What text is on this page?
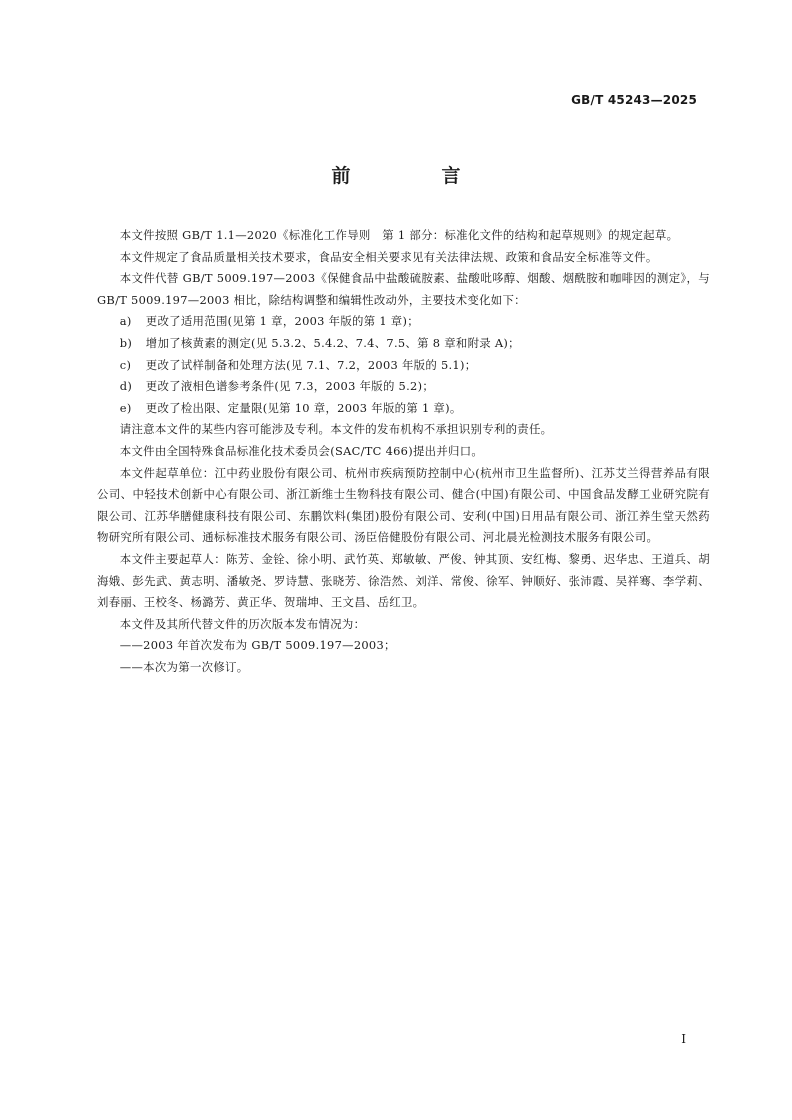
GB/T 45243—2025
前　言

本文件按照 GB/T 1.1—2020《标准化工作导则　第 1 部分：标准化文件的结构和起草规则》的规定起草。

本文件规定了食品质量相关技术要求，食品安全相关要求见有关法律法规、政策和食品安全标准等文件。

本文件代替 GB/T 5009.197—2003《保健食品中盐酸硫胺素、盐酸吡哆醇、烟酸、烟酰胺和咖啡因的测定》，与 GB/T 5009.197—2003 相比，除结构调整和编辑性改动外，主要技术变化如下：

a) 更改了适用范围(见第 1 章，2003 年版的第 1 章)；

b) 增加了核黄素的测定(见 5.3.2、5.4.2、7.4、7.5、第 8 章和附录 A)；

c) 更改了试样制备和处理方法(见 7.1、7.2，2003 年版的 5.1)；

d) 更改了液相色谱参考条件(见 7.3，2003 年版的 5.2)；

e) 更改了检出限、定量限(见第 10 章，2003 年版的第 1 章)。

请注意本文件的某些内容可能涉及专利。本文件的发布机构不承担识别专利的责任。

本文件由全国特殊食品标准化技术委员会(SAC/TC 466)提出并归口。

本文件起草单位：江中药业股份有限公司、杭州市疾病预防控制中心(杭州市卫生监督所)、江苏艾兰得营养品有限公司、中轻技术创新中心有限公司、浙江新维士生物科技有限公司、健合(中国)有限公司、中国食品发酵工业研究院有限公司、江苏华膳健康科技有限公司、东鹏饮料(集团)股份有限公司、安利(中国)日用品有限公司、浙江养生堂天然药物研究所有限公司、通标标准技术服务有限公司、汤臣倍健股份有限公司、河北晨光检测技术服务有限公司。

本文件主要起草人：陈芳、金铨、徐小明、武竹英、郑敏敏、严俊、钟其顶、安红梅、黎勇、迟华忠、王道兵、胡海娥、彭先武、黄志明、潘敏尧、罗诗慧、张晓芳、徐浩然、刘洋、常俊、徐军、钟顺好、张沛霞、吴祥骞、李学莉、刘春丽、王校冬、杨潞芳、黄正华、贺瑞坤、王文昌、岳红卫。

本文件及其所代替文件的历次版本发布情况为：

——2003 年首次发布为 GB/T 5009.197—2003；

——本次为第一次修订。

I
